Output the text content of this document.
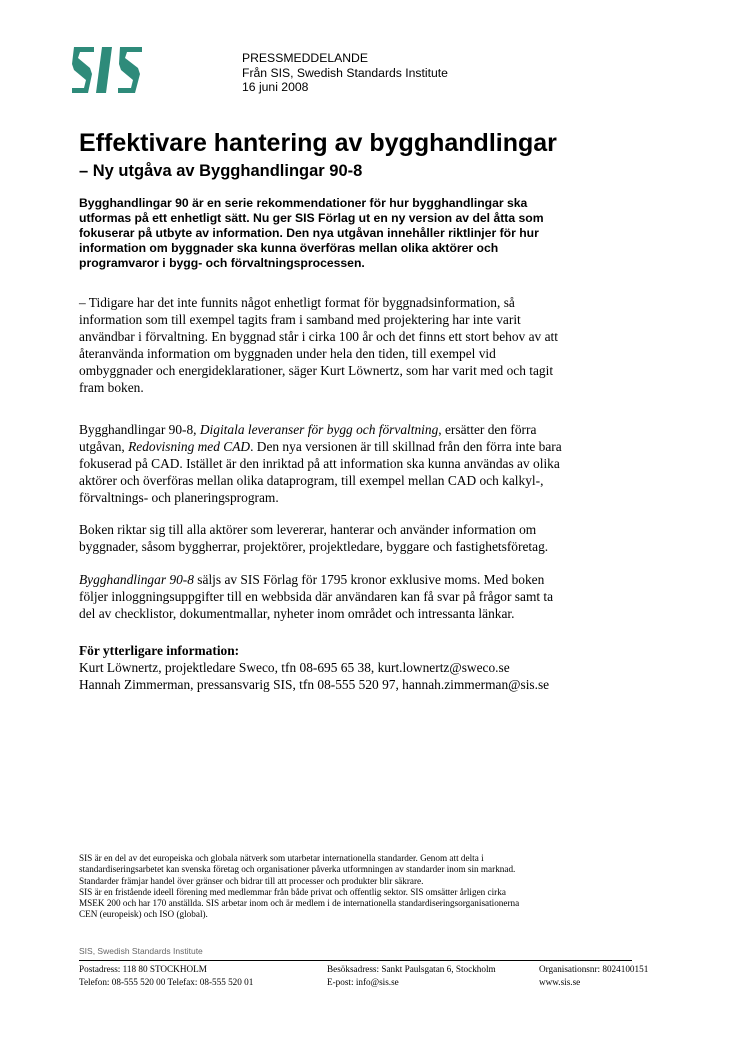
PRESSMEDDELANDE
Från SIS, Swedish Standards Institute
16 juni 2008
Effektivare hantering av bygghandlingar
– Ny utgåva av Bygghandlingar 90-8

Bygghandlingar 90 är en serie rekommendationer för hur bygghandlingar ska
utformas på ett enhetligt sätt. Nu ger SIS Förlag ut en ny version av del åtta som
fokuserar på utbyte av information. Den nya utgåvan innehåller riktlinjer för hur
information om byggnader ska kunna överföras mellan olika aktörer och
programvaror i bygg- och förvaltningsprocessen.

– Tidigare har det inte funnits något enhetligt format för byggnadsinformation, så
information som till exempel tagits fram i samband med projektering har inte varit
användbar i förvaltning. En byggnad står i cirka 100 år och det finns ett stort behov av att
återanvända information om byggnaden under hela den tiden, till exempel vid
ombyggnader och energideklarationer, säger Kurt Löwnertz, som har varit med och tagit
fram boken.

Bygghandlingar 90-8, Digitala leveranser för bygg och förvaltning, ersätter den förra
utgåvan, Redovisning med CAD. Den nya versionen är till skillnad från den förra inte bara
fokuserad på CAD. Istället är den inriktad på att information ska kunna användas av olika
aktörer och överföras mellan olika dataprogram, till exempel mellan CAD och kalkyl-,
förvaltnings- och planeringsprogram.

Boken riktar sig till alla aktörer som levererar, hanterar och använder information om
byggnader, såsom byggherrar, projektörer, projektledare, byggare och fastighetsföretag.

Bygghandlingar 90-8 säljs av SIS Förlag för 1795 kronor exklusive moms. Med boken
följer inloggningsuppgifter till en webbsida där användaren kan få svar på frågor samt ta
del av checklistor, dokumentmallar, nyheter inom området och intressanta länkar.

För ytterligare information:
Kurt Löwnertz, projektledare Sweco, tfn 08-695 65 38, kurt.lownertz@sweco.se
Hannah Zimmerman, pressansvarig SIS, tfn 08-555 520 97, hannah.zimmerman@sis.se
SIS är en del av det europeiska och globala nätverk som utarbetar internationella standarder. Genom att delta i
standardiseringsarbetet kan svenska företag och organisationer påverka utformningen av standarder inom sin marknad.
Standarder främjar handel över gränser och bidrar till att processer och produkter blir säkrare.
SIS är en fristående ideell förening med medlemmar från både privat och offentlig sektor. SIS omsätter årligen cirka
MSEK 200 och har 170 anställda. SIS arbetar inom och är medlem i de internationella standardiseringsorganisationerna
CEN (europeisk) och ISO (global).
SIS, Swedish Standards Institute
Postadress: 118 80 STOCKHOLM
Telefon: 08-555 520 00 Telefax: 08-555 520 01
Besöksadress: Sankt Paulsgatan 6, Stockholm
E-post: info@sis.se
Organisationsnr: 8024100151
www.sis.se
